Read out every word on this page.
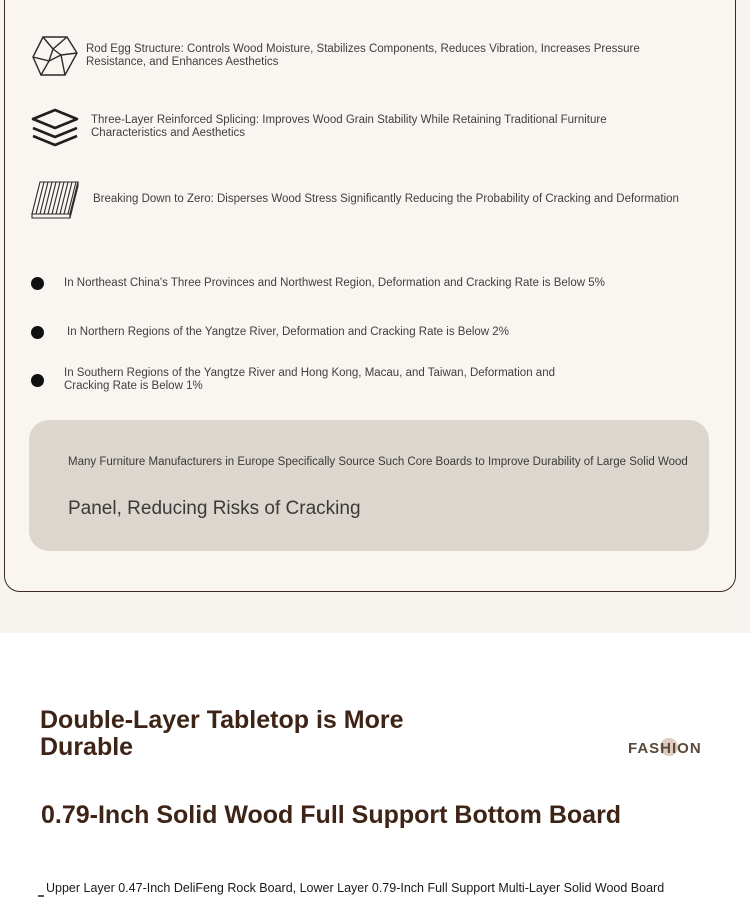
Rod Egg Structure: Controls Wood Moisture, Stabilizes Components, Reduces Vibration, Increases Pressure Resistance, and Enhances Aesthetics
Three-Layer Reinforced Splicing: Improves Wood Grain Stability While Retaining Traditional Furniture Characteristics and Aesthetics
Breaking Down to Zero: Disperses Wood Stress Significantly Reducing the Probability of Cracking and Deformation
In Northeast China's Three Provinces and Northwest Region, Deformation and Cracking Rate is Below 5%
In Northern Regions of the Yangtze River, Deformation and Cracking Rate is Below 2%
In Southern Regions of the Yangtze River and Hong Kong, Macau, and Taiwan, Deformation and Cracking Rate is Below 1%
Many Furniture Manufacturers in Europe Specifically Source Such Core Boards to Improve Durability of Large Solid Wood
Panel, Reducing Risks of Cracking
Double-Layer Tabletop is More Durable	FASHION
0.79-Inch Solid Wood Full Support Bottom Board
Upper Layer 0.47-Inch DeliFeng Rock Board, Lower Layer 0.79-Inch Full Support Multi-Layer Solid Wood Board
